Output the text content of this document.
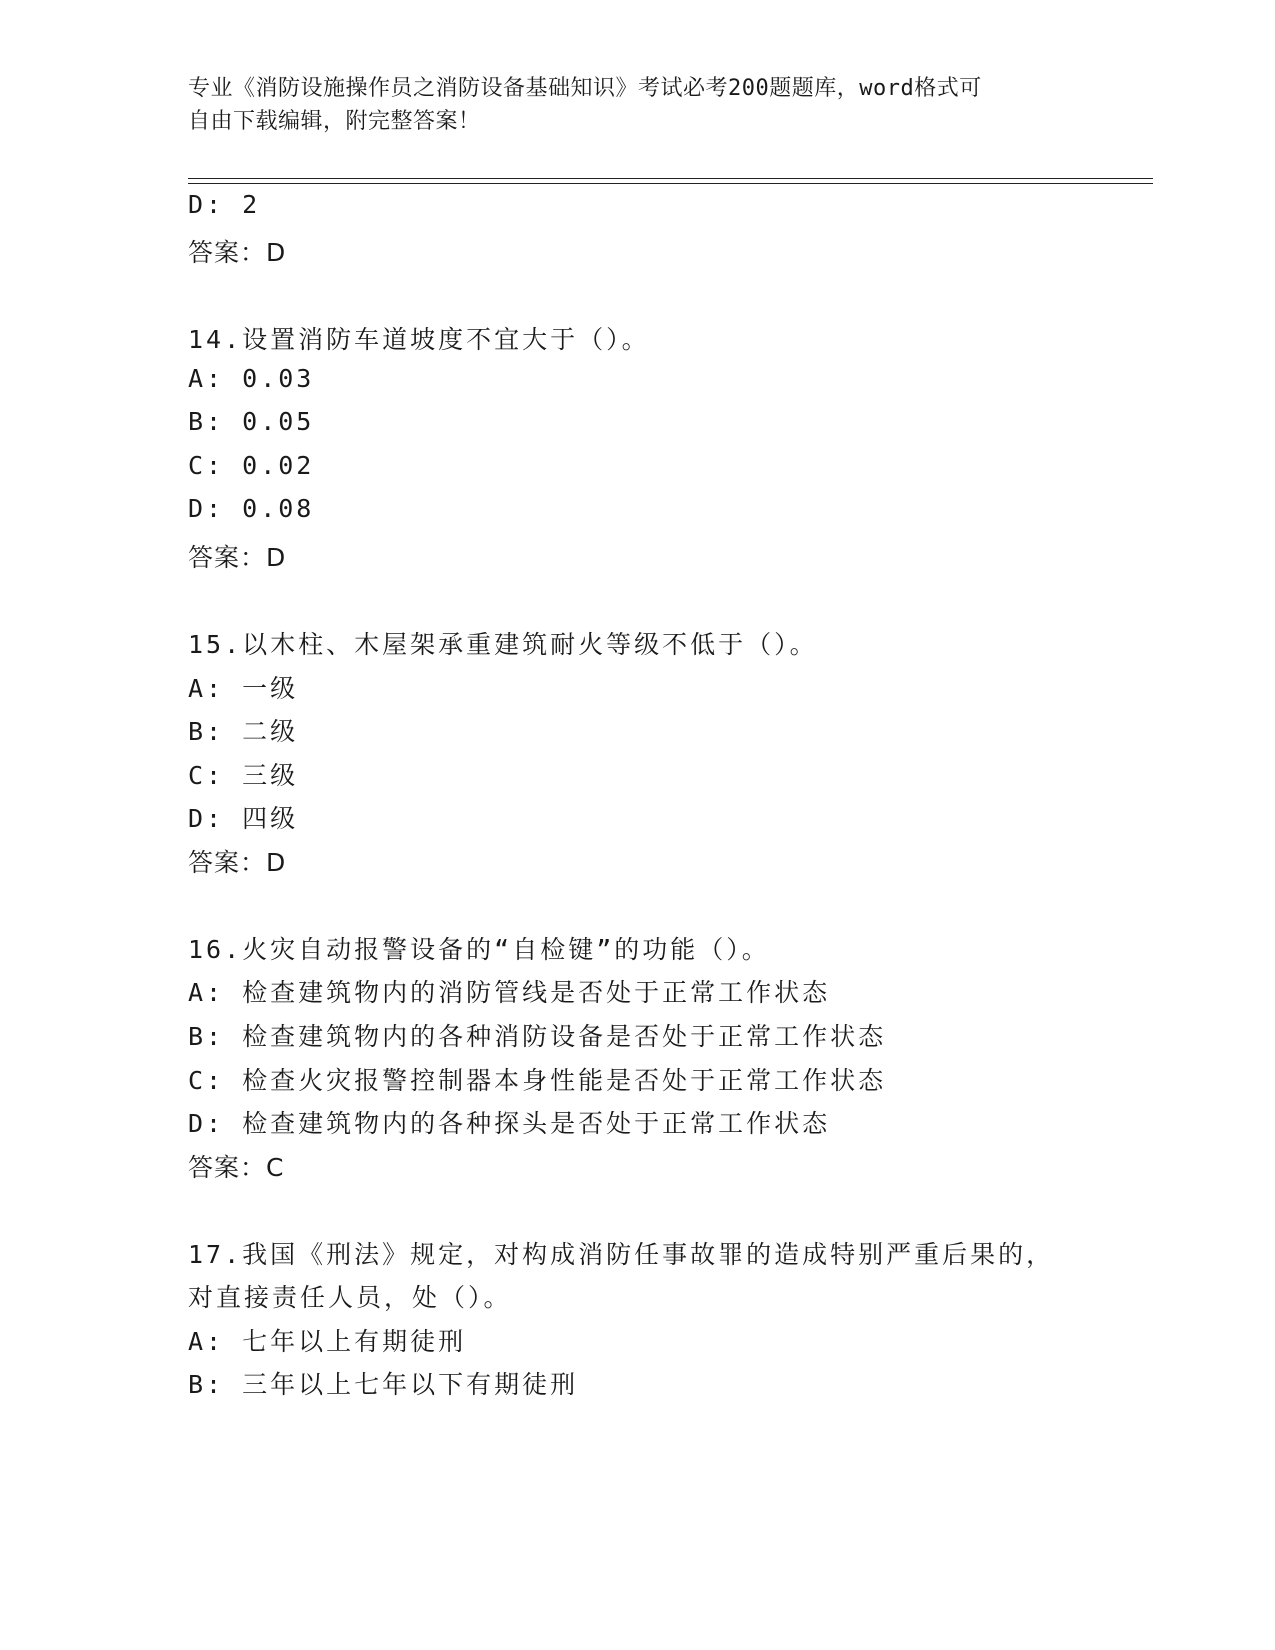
专业《消防设施操作员之消防设备基础知识》考试必考200题题库，word格式可
自由下载编辑，附完整答案！
D: 2
答案：D
14.设置消防车道坡度不宜大于（）。
A: 0.03
B: 0.05
C: 0.02
D: 0.08
答案：D
15.以木柱、木屋架承重建筑耐火等级不低于（）。
A: 一级
B: 二级
C: 三级
D: 四级
答案：D
16.火灾自动报警设备的“自检键”的功能（）。
A: 检查建筑物内的消防管线是否处于正常工作状态
B: 检查建筑物内的各种消防设备是否处于正常工作状态
C: 检查火灾报警控制器本身性能是否处于正常工作状态
D: 检查建筑物内的各种探头是否处于正常工作状态
答案：C
17.我国《刑法》规定，对构成消防任事故罪的造成特别严重后果的，
对直接责任人员，处（）。
A: 七年以上有期徒刑
B: 三年以上七年以下有期徒刑
